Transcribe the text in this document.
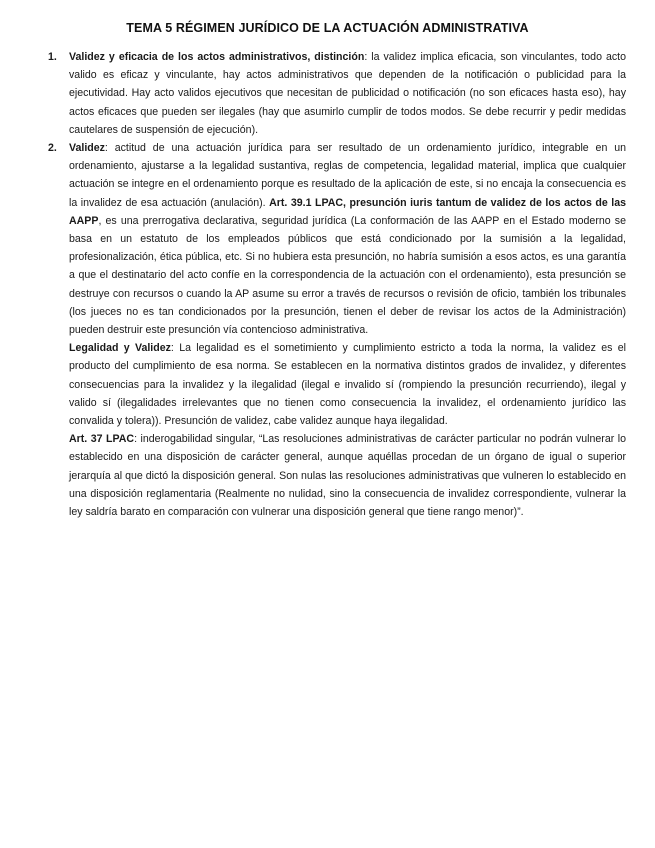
TEMA 5 RÉGIMEN JURÍDICO DE LA ACTUACIÓN ADMINISTRATIVA
1. Validez y eficacia de los actos administrativos, distinción: la validez implica eficacia, son vinculantes, todo acto valido es eficaz y vinculante, hay actos administrativos que dependen de la notificación o publicidad para la ejecutividad. Hay acto validos ejecutivos que necesitan de publicidad o notificación (no son eficaces hasta eso), hay actos eficaces que pueden ser ilegales (hay que asumirlo cumplir de todos modos. Se debe recurrir y pedir medidas cautelares de suspensión de ejecución).

2. Validez: actitud de una actuación jurídica para ser resultado de un ordenamiento jurídico, integrable en un ordenamiento, ajustarse a la legalidad sustantiva, reglas de competencia, legalidad material, implica que cualquier actuación se integre en el ordenamiento porque es resultado de la aplicación de este, si no encaja la consecuencia es la invalidez de esa actuación (anulación). Art. 39.1 LPAC, presunción iuris tantum de validez de los actos de las AAPP, es una prerrogativa declarativa, seguridad jurídica (La conformación de las AAPP en el Estado moderno se basa en un estatuto de los empleados públicos que está condicionado por la sumisión a la legalidad, profesionalización, ética pública, etc. Si no hubiera esta presunción, no habría sumisión a esos actos, es una garantía a que el destinatario del acto confíe en la correspondencia de la actuación con el ordenamiento), esta presunción se destruye con recursos o cuando la AP asume su error a través de recursos o revisión de oficio, también los tribunales (los jueces no es tan condicionados por la presunción, tienen el deber de revisar los actos de la Administración) pueden destruir este presunción vía contencioso administrativa.

Legalidad y Validez: La legalidad es el sometimiento y cumplimiento estricto a toda la norma, la validez es el producto del cumplimiento de esa norma. Se establecen en la normativa distintos grados de invalidez, y diferentes consecuencias para la invalidez y la ilegalidad (ilegal e invalido sí (rompiendo la presunción recurriendo), ilegal y valido sí (ilegalidades irrelevantes que no tienen como consecuencia la invalidez, el ordenamiento jurídico las convalida y tolera)). Presunción de validez, cabe validez aunque haya ilegalidad.

Art. 37 LPAC: inderogabilidad singular, “Las resoluciones administrativas de carácter particular no podrán vulnerar lo establecido en una disposición de carácter general, aunque aquéllas procedan de un órgano de igual o superior jerarquía al que dictó la disposición general. Son nulas las resoluciones administrativas que vulneren lo establecido en una disposición reglamentaria (Realmente no nulidad, sino la consecuencia de invalidez correspondiente, vulnerar la ley saldría barato en comparación con vulnerar una disposición general que tiene rango menor)”.
